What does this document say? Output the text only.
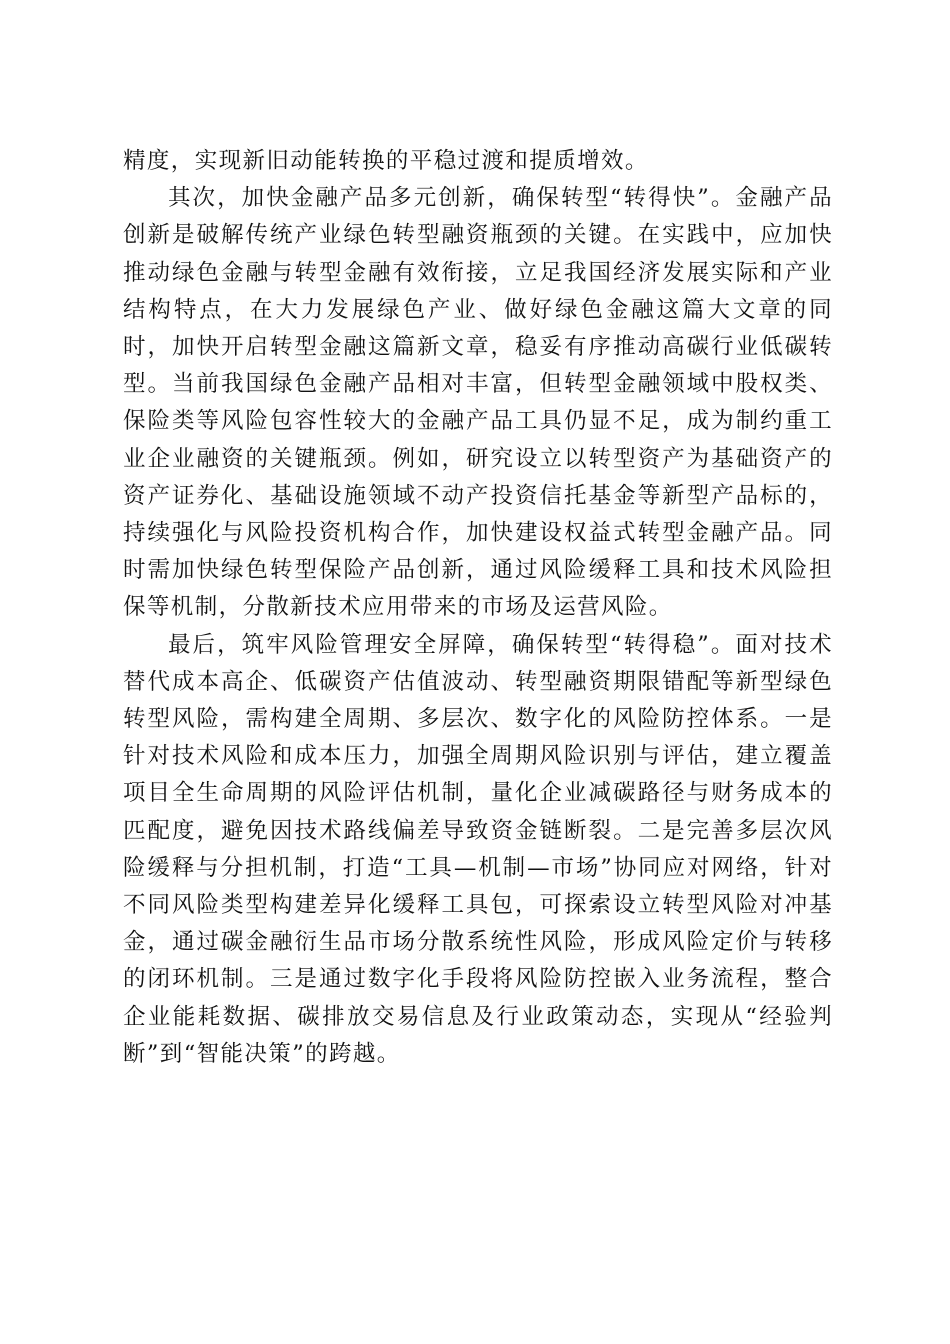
精度，实现新旧动能转换的平稳过渡和提质增效。

其次，加快金融产品多元创新，确保转型“转得快”。金融产品创新是破解传统产业绿色转型融资瓶颈的关键。在实践中，应加快推动绿色金融与转型金融有效衔接，立足我国经济发展实际和产业结构特点，在大力发展绿色产业、做好绿色金融这篇大文章的同时，加快开启转型金融这篇新文章，稳妥有序推动高碳行业低碳转型。当前我国绿色金融产品相对丰富，但转型金融领域中股权类、保险类等风险包容性较大的金融产品工具仍显不足，成为制约重工业企业融资的关键瓶颈。例如，研究设立以转型资产为基础资产的资产证券化、基础设施领域不动产投资信托基金等新型产品标的，持续强化与风险投资机构合作，加快建设权益式转型金融产品。同时需加快绿色转型保险产品创新，通过风险缓释工具和技术风险担保等机制，分散新技术应用带来的市场及运营风险。

最后，筑牢风险管理安全屏障，确保转型“转得稳”。面对技术替代成本高企、低碳资产估值波动、转型融资期限错配等新型绿色转型风险，需构建全周期、多层次、数字化的风险防控体系。一是针对技术风险和成本压力，加强全周期风险识别与评估，建立覆盖项目全生命周期的风险评估机制，量化企业减碳路径与财务成本的匹配度，避免因技术路线偏差导致资金链断裂。二是完善多层次风险缓释与分担机制，打造“工具—机制—市场”协同应对网络，针对不同风险类型构建差异化缓释工具包，可探索设立转型风险对冲基金，通过碳金融衍生品市场分散系统性风险，形成风险定价与转移的闭环机制。三是通过数字化手段将风险防控嵌入业务流程，整合企业能耗数据、碳排放交易信息及行业政策动态，实现从“经验判断”到“智能决策”的跨越。
